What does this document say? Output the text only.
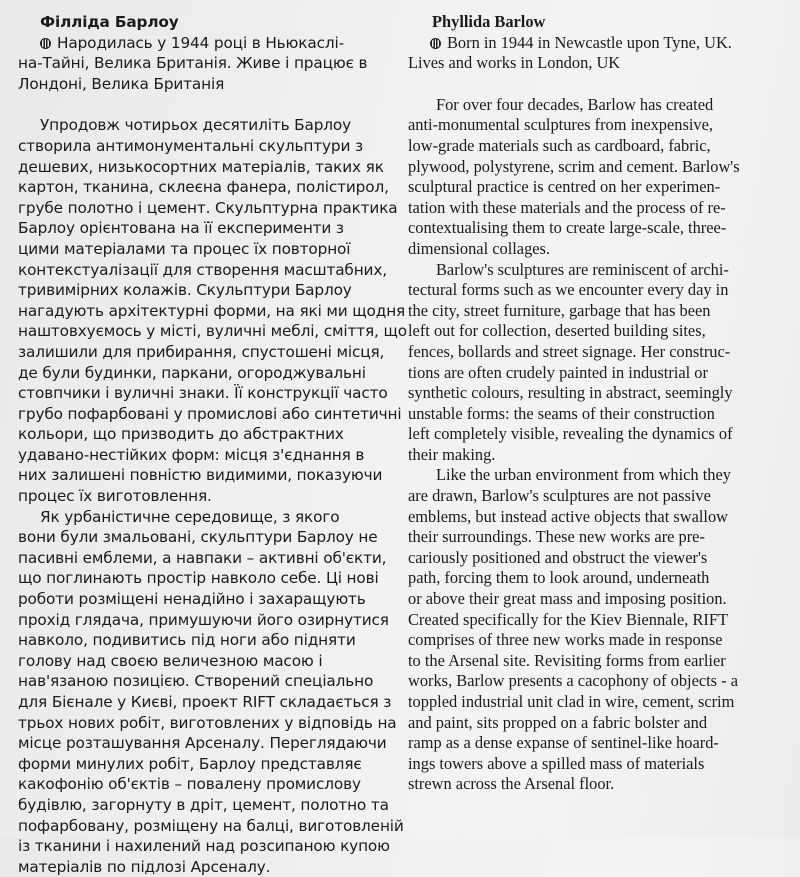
Філліда Барлоу

Народилась у 1944 році в Ньюкаслі-
на-Тайні, Велика Британія. Живе і працює в
Лондоні, Велика Британія

Упродовж чотирьох десятиліть Барлоу
створила антимонументальні скульптури з
дешевих, низькосортних матеріалів, таких як
картон, тканина, склеєна фанера, полістирол,
грубе полотно і цемент. Скульптурна практика
Барлоу орієнтована на її експерименти з
цими матеріалами та процес їх повторної
контекстуалізації для створення масштабних,
тривимірних колажів. Скульптури Барлоу
нагадують архітектурні форми, на які ми щодня
наштовхуємось у місті, вуличні меблі, сміття, що
залишили для прибирання, спустошені місця,
де були будинки, паркани, огороджувальні
стовпчики і вуличні знаки. Її конструкції часто
грубо пофарбовані у промислові або синтетичні
кольори, що призводить до абстрактних
удавано-нестійких форм: місця з'єднання в
них залишені повністю видимими, показуючи
процес їх виготовлення.

Як урбаністичне середовище, з якого
вони були змальовані, скульптури Барлоу не
пасивні емблеми, а навпаки – активні об'єкти,
що поглинають простір навколо себе. Ці нові
роботи розміщені ненадійно і захаращують
прохід глядача, примушуючи його озирнутися
навколо, подивитись під ноги або підняти
голову над своєю величезною масою і
нав'язаною позицією. Створений спеціально
для Бієнале у Києві, проект RIFT складається з
трьох нових робіт, виготовлених у відповідь на
місце розташування Арсеналу. Переглядаючи
форми минулих робіт, Барлоу представляє
какофонію об'єктів – повалену промислову
будівлю, загорнуту в дріт, цемент, полотно та
пофарбовану, розміщену на балці, виготовленій
із тканини і нахилений над розсипаною купою
матеріалів по підлозі Арсеналу.

Phyllida Barlow

Born in 1944 in Newcastle upon Tyne, UK.
Lives and works in London, UK

For over four decades, Barlow has created
anti-monumental sculptures from inexpensive,
low-grade materials such as cardboard, fabric,
plywood, polystyrene, scrim and cement. Barlow's
sculptural practice is centred on her experimen-
tation with these materials and the process of re-
contextualising them to create large-scale, three-
dimensional collages.

Barlow's sculptures are reminiscent of archi-
tectural forms such as we encounter every day in
the city, street furniture, garbage that has been
left out for collection, deserted building sites,
fences, bollards and street signage. Her construc-
tions are often crudely painted in industrial or
synthetic colours, resulting in abstract, seemingly
unstable forms: the seams of their construction
left completely visible, revealing the dynamics of
their making.

Like the urban environment from which they
are drawn, Barlow's sculptures are not passive
emblems, but instead active objects that swallow
their surroundings. These new works are pre-
cariously positioned and obstruct the viewer's
path, forcing them to look around, underneath
or above their great mass and imposing position.
Created specifically for the Kiev Biennale, RIFT
comprises of three new works made in response
to the Arsenal site. Revisiting forms from earlier
works, Barlow presents a cacophony of objects - a
toppled industrial unit clad in wire, cement, scrim
and paint, sits propped on a fabric bolster and
ramp as a dense expanse of sentinel-like hoard-
ings towers above a spilled mass of materials
strewn across the Arsenal floor.
